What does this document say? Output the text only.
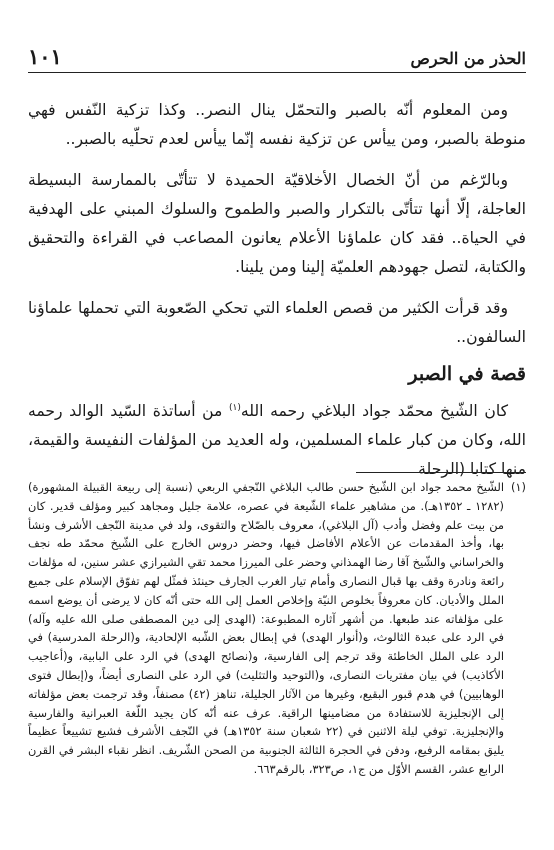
الحذر من الحرص
١٠١

ومن المعلوم أنّه بالصبر والتحمّل ينال النصر.. وكذا تزكية النّفس فهي منوطة بالصبر، ومن ييأس عن تزكية نفسه إنّما ييأس لعدم تحلّيه بالصبر..

وبالرّغم من أنّ الخصال الأخلاقيّة الحميدة لا تتأتّى بالممارسة البسيطة العاجلة، إلّا أنها تتأتّى بالتكرار والصبر والطموح والسلوك المبني على الهدفية في الحياة.. فقد كان علماؤنا الأعلام يعانون المصاعب في القراءة والتحقيق والكتابة، لتصل جهودهم العلميّة إلينا ومن يلينا.

وقد قرأت الكثير من قصص العلماء التي تحكي الصّعوبة التي تحملها علماؤنا السالفون..

قصة في الصبر

كان الشّيخ محمّد جواد البلاغي رحمه الله$^{(١)}$ من أساتذة السّيد الوالد رحمه الله، وكان من كبار علماء المسلمين، وله العديد من المؤلفات النفيسة والقيمة، منها كتابا (الرحلة

(١)
الشّيخ محمد جواد ابن الشّيخ حسن طالب البلاغي النّجفي الربعي (نسبة إلى ربيعة القبيلة المشهورة) (١٢٨٢ ـ ١٣٥٢هـ). من مشاهير علماء الشّيعة في عصره، علامة جليل ومجاهد كبير ومؤلف قدير. كان من بيت علم وفضل وأدب (آل البلاغي)، معروف بالصّلاح والتقوى، ولد في مدينة النّجف الأشرف ونشأ بها، وأخذ المقدمات عن الأعلام الأفاضل فيها، وحضر دروس الخارج على الشّيخ محمّد طه نجف والخراساني والشّيخ آقا رضا الهمذاني وحضر على الميرزا محمد تقي الشيرازي عشر سنين، له مؤلفات رائعة ونادرة وقف بها قبال النصارى وأمام تيار الغرب الجارف حينئذ فمثّل لهم تفوّق الإسلام على جميع الملل والأديان. كان معروفاً بخلوص النيّة وإخلاص العمل إلى الله حتى أنّه كان لا يرضى أن يوضع اسمه على مؤلفاته عند طبعها. من أشهر آثاره المطبوعة: (الهدى إلى دين المصطفى صلى الله عليه وآله) في الرد على عبدة الثالوث، و(أنوار الهدى) في إبطال بعض الشّبه الإلحادية، و(الرحلة المدرسية) في الرد على الملل الخاطئة وقد ترجم إلى الفارسية، و(نصائح الهدى) في الرد على البابية، و(أعاجيب الأكاذيب) في بيان مفتريات النصارى، و(التوحيد والتثليث) في الرد على النصارى أيضاً، و(إبطال فتوى الوهابيين) في هدم قبور البقيع، وغيرها من الآثار الجليلة، تناهز (٤٢) مصنفاً، وقد ترجمت بعض مؤلفاته إلى الإنجليزية للاستفادة من مضامينها الراقية. عرف عنه أنّه كان يجيد اللّغة العبرانية والفارسية والإنجليزية. توفي ليلة الاثنين في (٢٢ شعبان سنة ١٣٥٢هـ) في النّجف الأشرف فشيع تشييعاً عظيماً يليق بمقامه الرفيع، ودفن في الحجرة الثالثة الجنوبية من الصحن الشّريف. انظر نقباء البشر في القرن الرابع عشر، القسم الأوّل من ج١، ص٣٢٣، بالرقم٦٦٣.
